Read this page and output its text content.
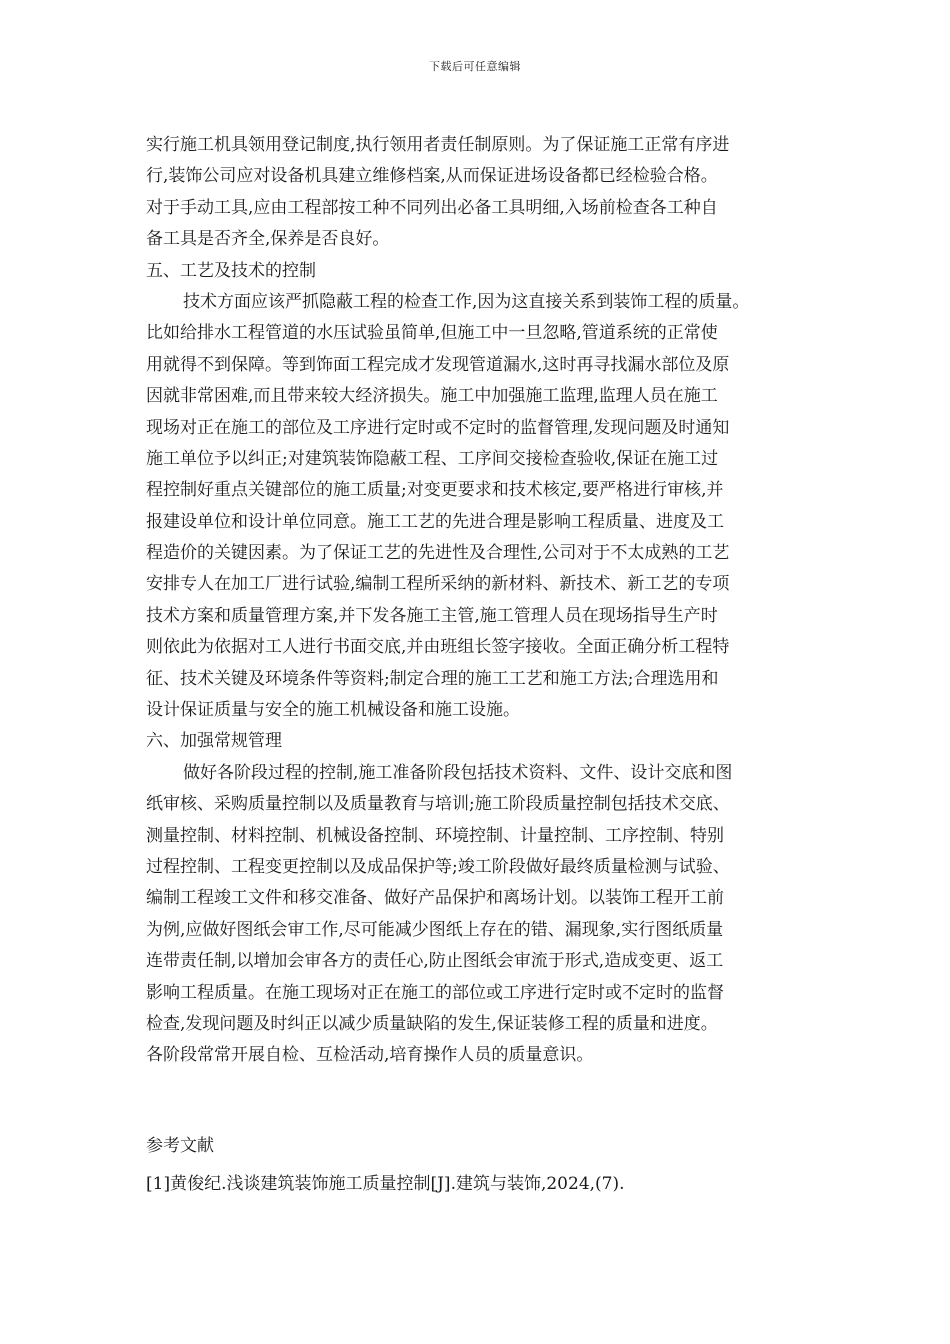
下载后可任意编辑
实行施工机具领用登记制度,执行领用者责任制原则。为了保证施工正常有序进
行,装饰公司应对设备机具建立维修档案,从而保证进场设备都已经检验合格。
对于手动工具,应由工程部按工种不同列出必备工具明细,入场前检查各工种自
备工具是否齐全,保养是否良好。
五、工艺及技术的控制
技术方面应该严抓隐蔽工程的检查工作,因为这直接关系到装饰工程的质量。
比如给排水工程管道的水压试验虽简单,但施工中一旦忽略,管道系统的正常使
用就得不到保障。等到饰面工程完成才发现管道漏水,这时再寻找漏水部位及原
因就非常困难,而且带来较大经济损失。施工中加强施工监理,监理人员在施工
现场对正在施工的部位及工序进行定时或不定时的监督管理,发现问题及时通知
施工单位予以纠正;对建筑装饰隐蔽工程、工序间交接检查验收,保证在施工过
程控制好重点关键部位的施工质量;对变更要求和技术核定,要严格进行审核,并
报建设单位和设计单位同意。施工工艺的先进合理是影响工程质量、进度及工
程造价的关键因素。为了保证工艺的先进性及合理性,公司对于不太成熟的工艺
安排专人在加工厂进行试验,编制工程所采纳的新材料、新技术、新工艺的专项
技术方案和质量管理方案,并下发各施工主管,施工管理人员在现场指导生产时
则依此为依据对工人进行书面交底,并由班组长签字接收。全面正确分析工程特
征、技术关键及环境条件等资料;制定合理的施工工艺和施工方法;合理选用和
设计保证质量与安全的施工机械设备和施工设施。
六、加强常规管理
做好各阶段过程的控制,施工准备阶段包括技术资料、文件、设计交底和图
纸审核、采购质量控制以及质量教育与培训;施工阶段质量控制包括技术交底、
测量控制、材料控制、机械设备控制、环境控制、计量控制、工序控制、特别
过程控制、工程变更控制以及成品保护等;竣工阶段做好最终质量检测与试验、
编制工程竣工文件和移交准备、做好产品保护和离场计划。以装饰工程开工前
为例,应做好图纸会审工作,尽可能减少图纸上存在的错、漏现象,实行图纸质量
连带责任制,以增加会审各方的责任心,防止图纸会审流于形式,造成变更、返工
影响工程质量。在施工现场对正在施工的部位或工序进行定时或不定时的监督
检查,发现问题及时纠正以减少质量缺陷的发生,保证装修工程的质量和进度。
各阶段常常开展自检、互检活动,培育操作人员的质量意识。
参考文献
[1]黄俊纪.浅谈建筑装饰施工质量控制[J].建筑与装饰,2024,(7).
